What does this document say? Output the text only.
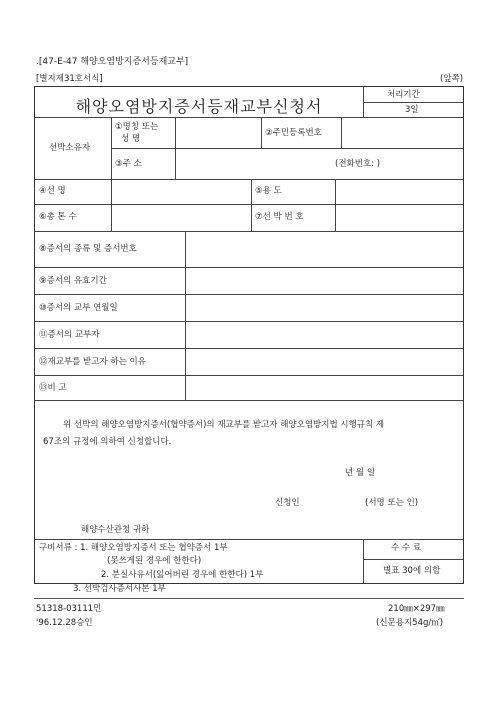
.[47-E-47 해양오염방지증서등재교부]
[별지제31호서식]	(앞쪽)
해양오염방지증서등재교부신청서
처리기간
3일
선박소유자
①명칭 또는
성 명
②주민등록번호
③주 소	(전화번호: )
④선 명	⑤용 도
⑥총 톤 수	⑦선 박 번 호
⑧증서의 종류 및 증서번호
⑨증서의 유효기간
⑩증서의 교부 연월일
⑪증서의 교부자
⑫재교부를 받고자 하는 이유
⑬비 고
위 선박의 해양오염방지증서(협약증서)의 재교부를 받고자 해양오염방지법 시행규칙 제
67조의 규정에 의하여 신청합니다.
년 월 일
신청인	(서명 또는 인)
해양수산관청 귀하
구비서류 : 1. 해양오염방지증서 또는 협약증서 1부
(못쓰게된 경우에 한한다)
2. 분실사유서(잃어버린 경우에 한한다) 1부
3. 선박검사증서사본 1부
수 수 료
별표 30에 의함
51318-03111민
'96.12.28승인
210㎜×297㎜
(신문용지54g/㎡)
